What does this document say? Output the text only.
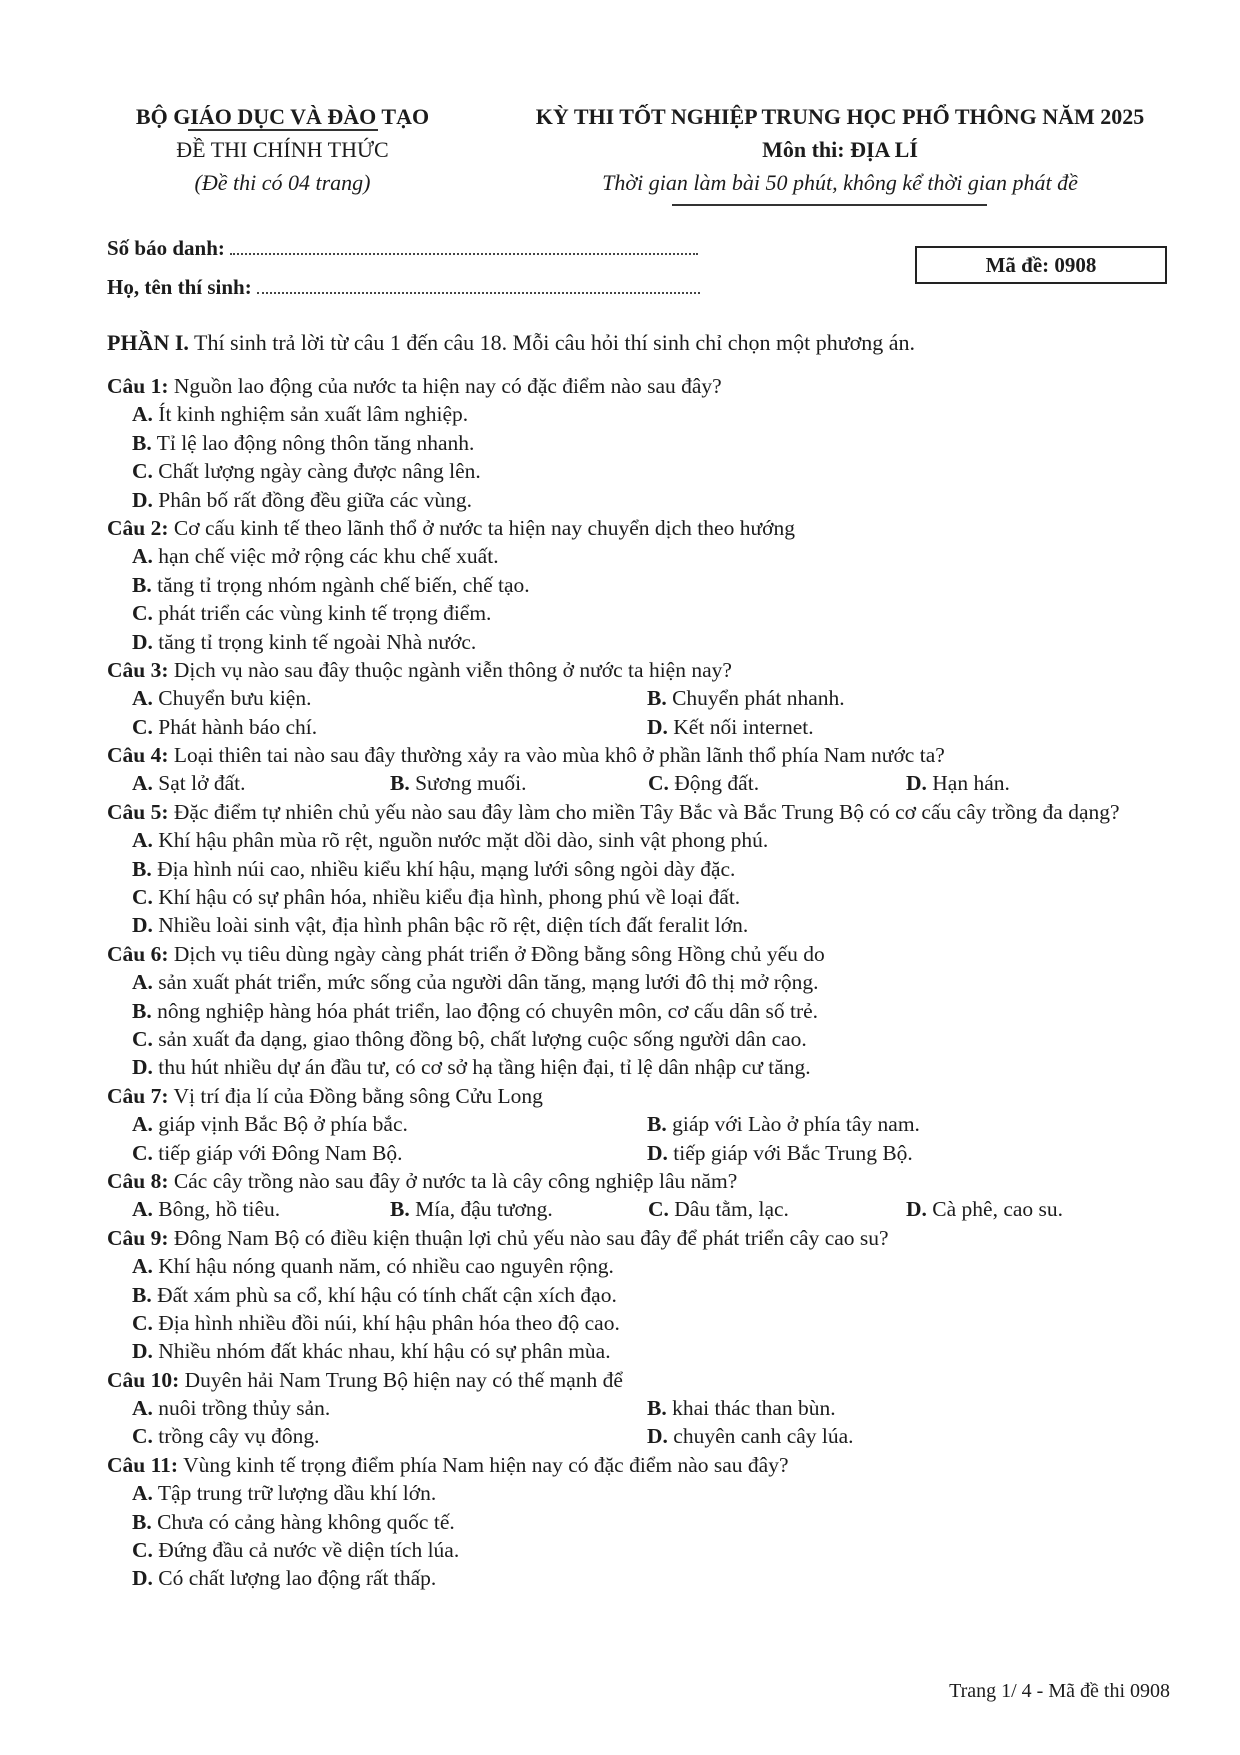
BỘ GIÁO DỤC VÀ ĐÀO TẠO
ĐỀ THI CHÍNH THỨC
(Đề thi có 04 trang)
KỲ THI TỐT NGHIỆP TRUNG HỌC PHỔ THÔNG NĂM 2025
Môn thi: ĐỊA LÍ
Thời gian làm bài 50 phút, không kể thời gian phát đề
Số báo danh:
Họ, tên thí sinh:
Mã đề: 0908
PHẦN I. Thí sinh trả lời từ câu 1 đến câu 18. Mỗi câu hỏi thí sinh chỉ chọn một phương án.
Câu 1: Nguồn lao động của nước ta hiện nay có đặc điểm nào sau đây?
A. Ít kinh nghiệm sản xuất lâm nghiệp.
B. Tỉ lệ lao động nông thôn tăng nhanh.
C. Chất lượng ngày càng được nâng lên.
D. Phân bố rất đồng đều giữa các vùng.
Câu 2: Cơ cấu kinh tế theo lãnh thổ ở nước ta hiện nay chuyển dịch theo hướng
A. hạn chế việc mở rộng các khu chế xuất.
B. tăng tỉ trọng nhóm ngành chế biến, chế tạo.
C. phát triển các vùng kinh tế trọng điểm.
D. tăng tỉ trọng kinh tế ngoài Nhà nước.
Câu 3: Dịch vụ nào sau đây thuộc ngành viễn thông ở nước ta hiện nay?
A. Chuyển bưu kiện.	B. Chuyển phát nhanh.
C. Phát hành báo chí.	D. Kết nối internet.
Câu 4: Loại thiên tai nào sau đây thường xảy ra vào mùa khô ở phần lãnh thổ phía Nam nước ta?
A. Sạt lở đất.	B. Sương muối.	C. Động đất.	D. Hạn hán.
Câu 5: Đặc điểm tự nhiên chủ yếu nào sau đây làm cho miền Tây Bắc và Bắc Trung Bộ có cơ cấu cây trồng đa dạng?
A. Khí hậu phân mùa rõ rệt, nguồn nước mặt dồi dào, sinh vật phong phú.
B. Địa hình núi cao, nhiều kiểu khí hậu, mạng lưới sông ngòi dày đặc.
C. Khí hậu có sự phân hóa, nhiều kiểu địa hình, phong phú về loại đất.
D. Nhiều loài sinh vật, địa hình phân bậc rõ rệt, diện tích đất feralit lớn.
Câu 6: Dịch vụ tiêu dùng ngày càng phát triển ở Đồng bằng sông Hồng chủ yếu do
A. sản xuất phát triển, mức sống của người dân tăng, mạng lưới đô thị mở rộng.
B. nông nghiệp hàng hóa phát triển, lao động có chuyên môn, cơ cấu dân số trẻ.
C. sản xuất đa dạng, giao thông đồng bộ, chất lượng cuộc sống người dân cao.
D. thu hút nhiều dự án đầu tư, có cơ sở hạ tầng hiện đại, tỉ lệ dân nhập cư tăng.
Câu 7: Vị trí địa lí của Đồng bằng sông Cửu Long
A. giáp vịnh Bắc Bộ ở phía bắc.	B. giáp với Lào ở phía tây nam.
C. tiếp giáp với Đông Nam Bộ.	D. tiếp giáp với Bắc Trung Bộ.
Câu 8: Các cây trồng nào sau đây ở nước ta là cây công nghiệp lâu năm?
A. Bông, hồ tiêu.	B. Mía, đậu tương.	C. Dâu tằm, lạc.	D. Cà phê, cao su.
Câu 9: Đông Nam Bộ có điều kiện thuận lợi chủ yếu nào sau đây để phát triển cây cao su?
A. Khí hậu nóng quanh năm, có nhiều cao nguyên rộng.
B. Đất xám phù sa cổ, khí hậu có tính chất cận xích đạo.
C. Địa hình nhiều đồi núi, khí hậu phân hóa theo độ cao.
D. Nhiều nhóm đất khác nhau, khí hậu có sự phân mùa.
Câu 10: Duyên hải Nam Trung Bộ hiện nay có thế mạnh để
A. nuôi trồng thủy sản.	B. khai thác than bùn.
C. trồng cây vụ đông.	D. chuyên canh cây lúa.
Câu 11: Vùng kinh tế trọng điểm phía Nam hiện nay có đặc điểm nào sau đây?
A. Tập trung trữ lượng dầu khí lớn.
B. Chưa có cảng hàng không quốc tế.
C. Đứng đầu cả nước về diện tích lúa.
D. Có chất lượng lao động rất thấp.
Trang 1/ 4 - Mã đề thi 0908
